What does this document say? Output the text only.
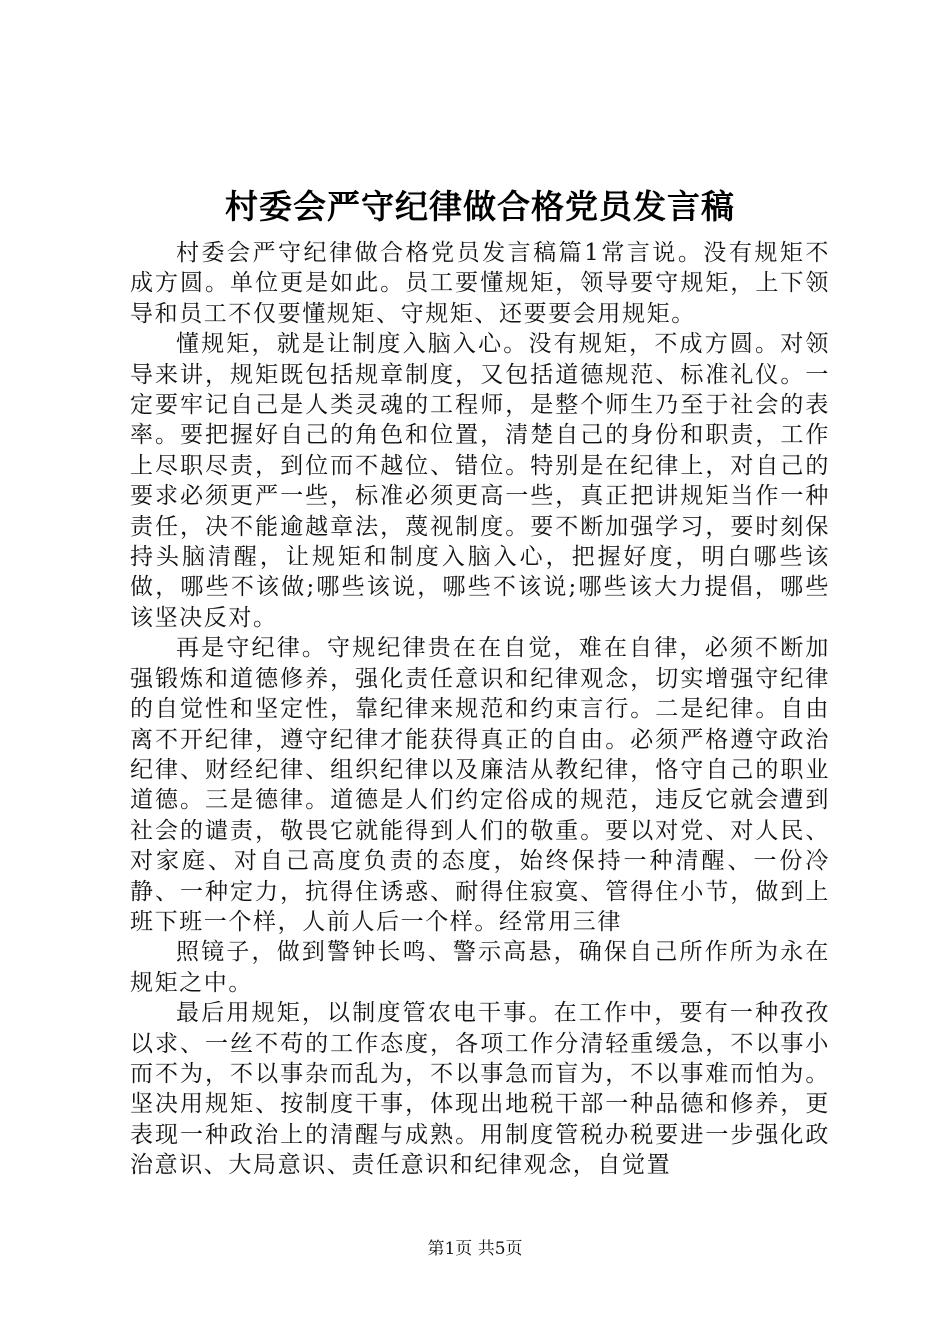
村委会严守纪律做合格党员发言稿

村委会严守纪律做合格党员发言稿篇1常言说。没有规矩不成方圆。单位更是如此。员工要懂规矩，领导要守规矩，上下领导和员工不仅要懂规矩、守规矩、还要要会用规矩。

懂规矩，就是让制度入脑入心。没有规矩，不成方圆。对领导来讲，规矩既包括规章制度，又包括道德规范、标准礼仪。一定要牢记自己是人类灵魂的工程师，是整个师生乃至于社会的表率。要把握好自己的角色和位置，清楚自己的身份和职责，工作上尽职尽责，到位而不越位、错位。特别是在纪律上，对自己的要求必须更严一些，标准必须更高一些，真正把讲规矩当作一种责任，决不能逾越章法，蔑视制度。要不断加强学习，要时刻保持头脑清醒，让规矩和制度入脑入心，把握好度，明白哪些该做，哪些不该做;哪些该说，哪些不该说;哪些该大力提倡，哪些该坚决反对。

再是守纪律。守规纪律贵在在自觉，难在自律，必须不断加强锻炼和道德修养，强化责任意识和纪律观念，切实增强守纪律的自觉性和坚定性，靠纪律来规范和约束言行。二是纪律。自由离不开纪律，遵守纪律才能获得真正的自由。必须严格遵守政治纪律、财经纪律、组织纪律以及廉洁从教纪律，恪守自己的职业道德。三是德律。道德是人们约定俗成的规范，违反它就会遭到社会的谴责，敬畏它就能得到人们的敬重。要以对党、对人民、对家庭、对自己高度负责的态度，始终保持一种清醒、一份冷静、一种定力，抗得住诱惑、耐得住寂寞、管得住小节，做到上班下班一个样，人前人后一个样。经常用三律

照镜子，做到警钟长鸣、警示高悬，确保自己所作所为永在规矩之中。

最后用规矩，以制度管农电干事。在工作中，要有一种孜孜以求、一丝不苟的工作态度，各项工作分清轻重缓急，不以事小而不为，不以事杂而乱为，不以事急而盲为，不以事难而怕为。坚决用规矩、按制度干事，体现出地税干部一种品德和修养，更表现一种政治上的清醒与成熟。用制度管税办税要进一步强化政治意识、大局意识、责任意识和纪律观念，自觉置

第1页 共5页
